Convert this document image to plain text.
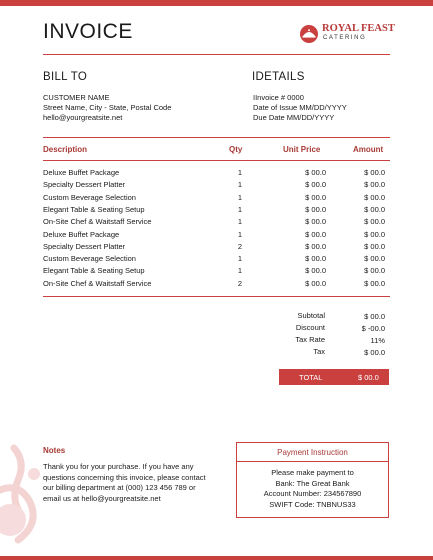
INVOICE	ROYAL FEAST
CATERING
BILL TO
CUSTOMER NAME
Street Name, City - State, Postal Code
hello@yourgreatsite.net
IDETAILS
IInvoice # 0000
Date of Issue MM/DD/YYYY
Due Date MM/DD/YYYY
Description	Qty	Unit Price	Amount
Deluxe Buffet Package	1	$ 00.0	$ 00.0
Specialty Dessert Platter	1	$ 00.0	$ 00.0
Custom Beverage Selection	1	$ 00.0	$ 00.0
Elegant Table & Seating Setup	1	$ 00.0	$ 00.0
On-Site Chef & Waitstaff Service	1	$ 00.0	$ 00.0
Deluxe Buffet Package	1	$ 00.0	$ 00.0
Specialty Dessert Platter	2	$ 00.0	$ 00.0
Custom Beverage Selection	1	$ 00.0	$ 00.0
Elegant Table & Seating Setup	1	$ 00.0	$ 00.0
On-Site Chef & Waitstaff Service	2	$ 00.0	$ 00.0
Subtotal	$ 00.0
Discount	$ -00.0
Tax Rate	11%
Tax	$ 00.0
TOTAL	$ 00.0
Notes
Thank you for your purchase. If you have any questions concerning this invoice, please contact our billing department at (000) 123 456 789 or email us at hello@yourgreatsite.net
Payment Instruction
Please make payment to
Bank: The Great Bank
Account Number: 234567890
SWIFT Code: TNBNUS33
